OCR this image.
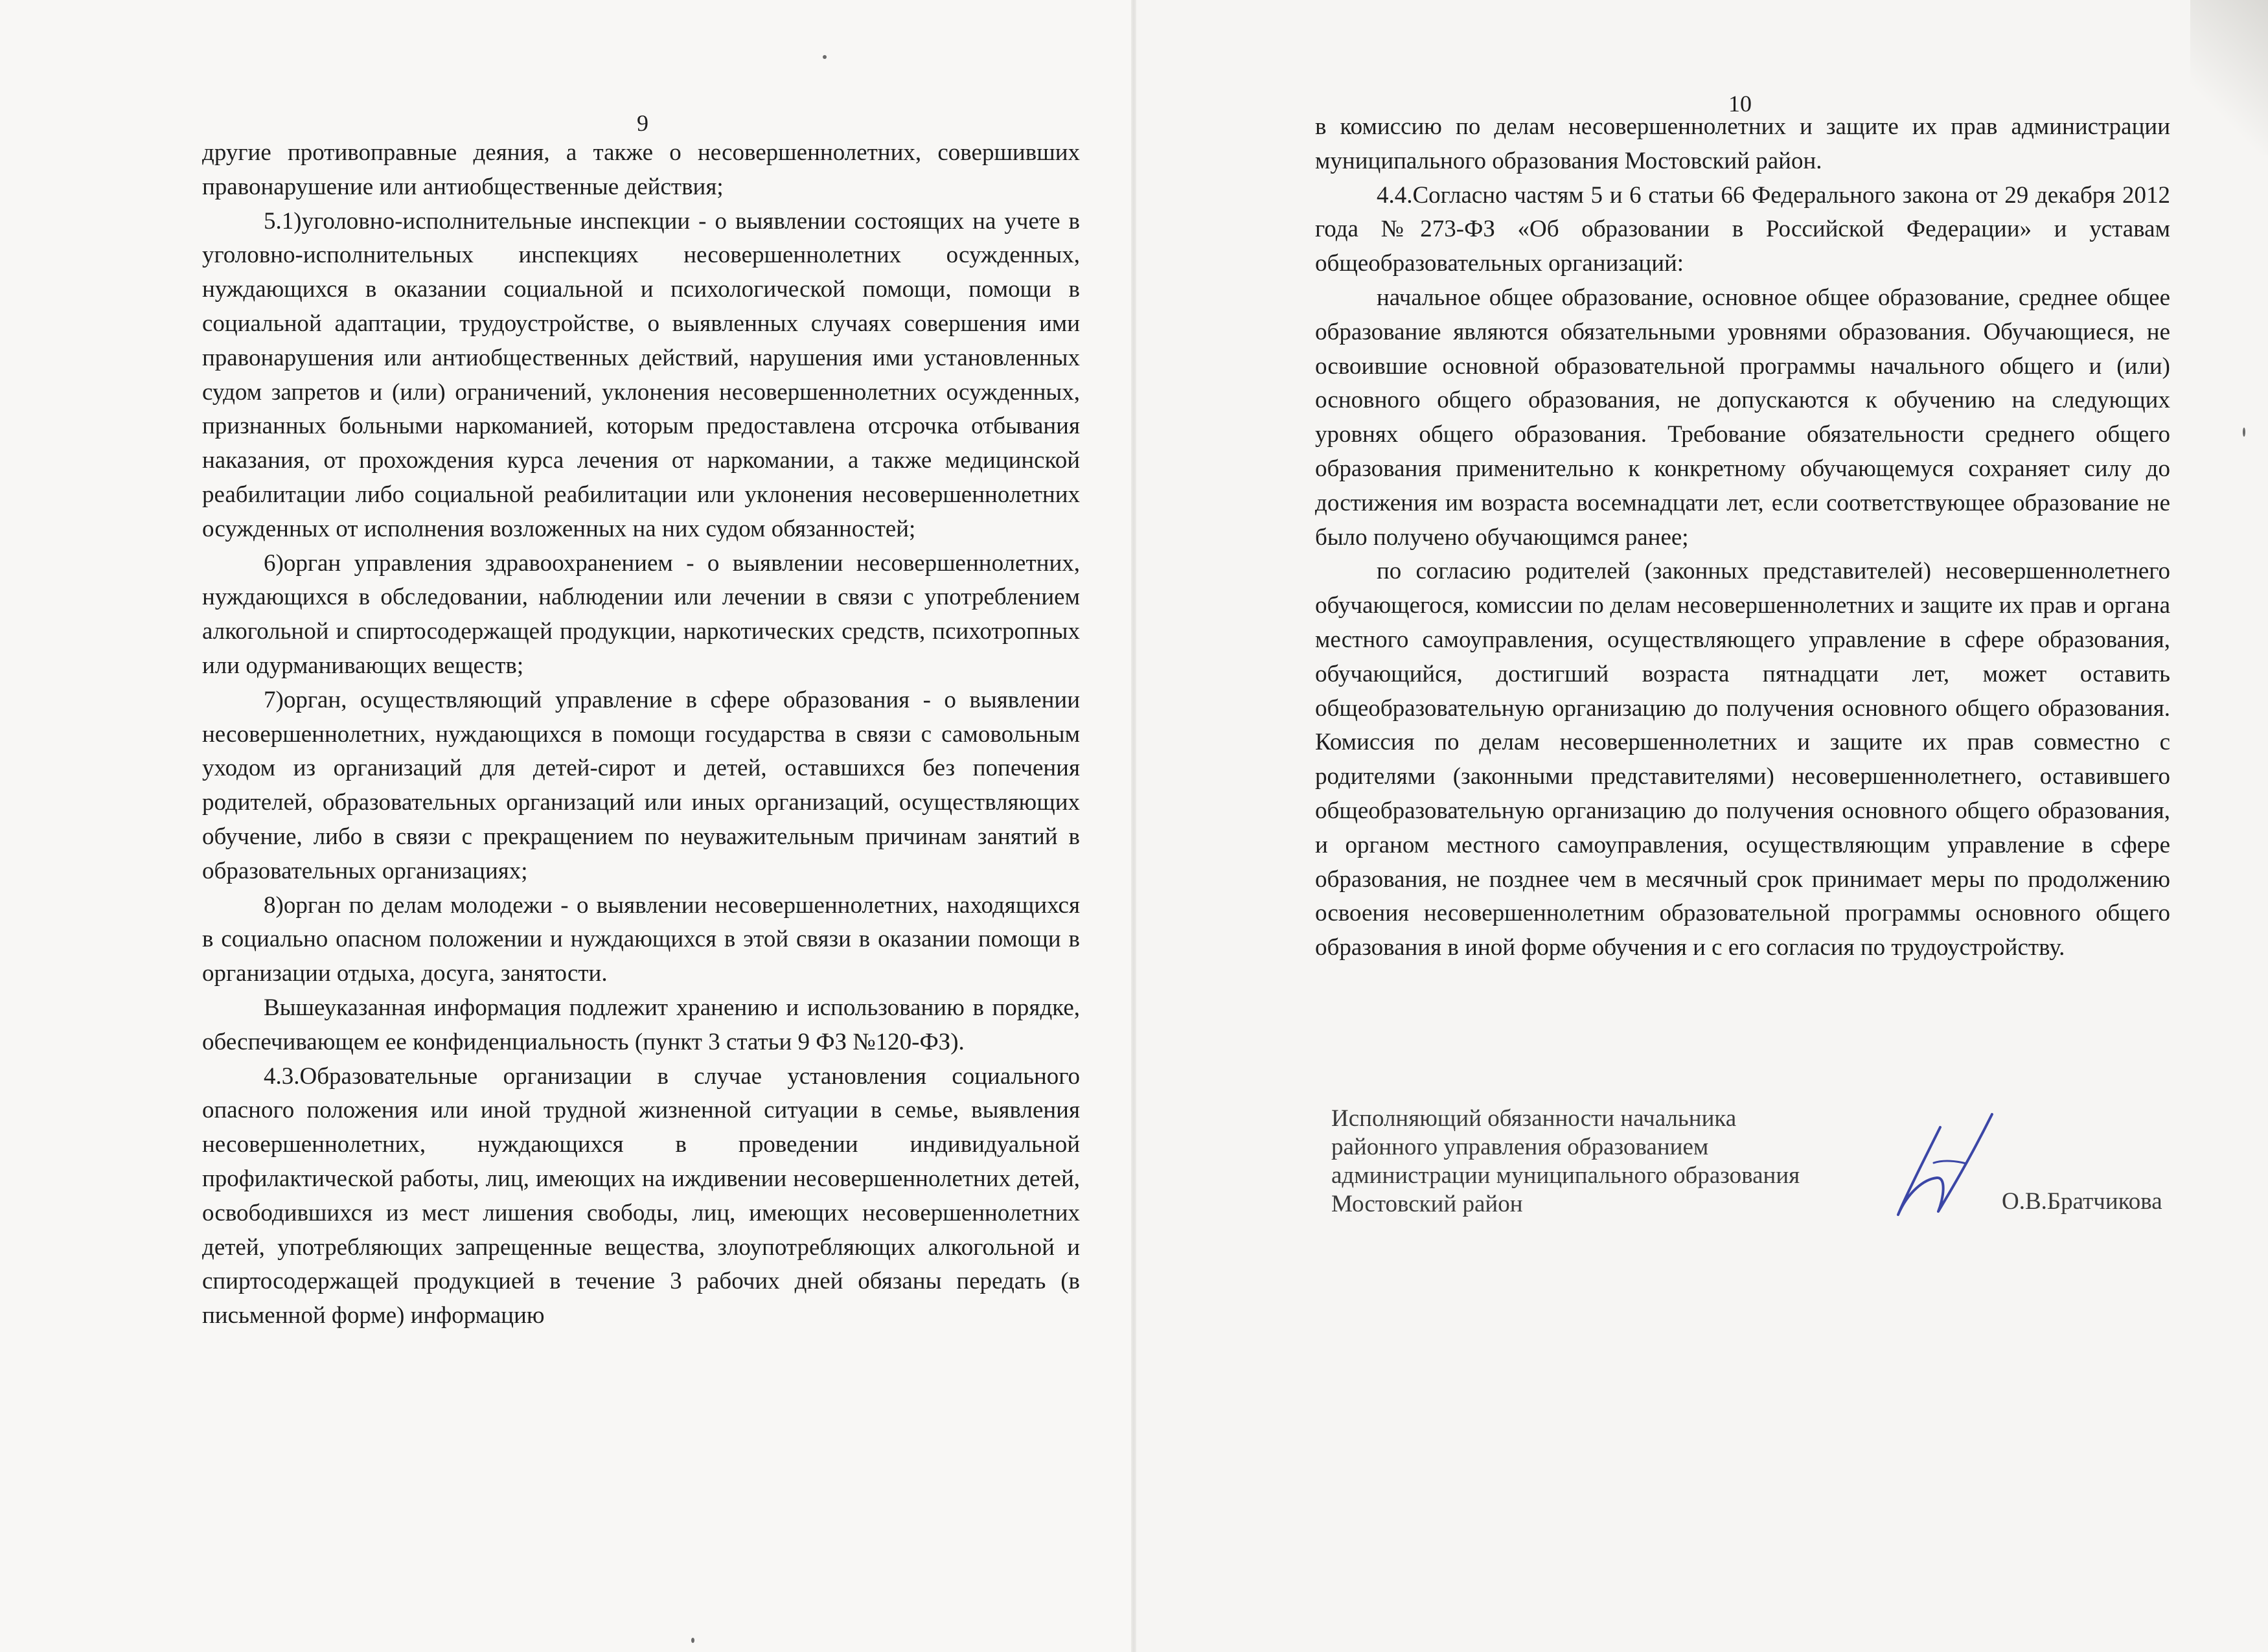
9

другие противоправные деяния, а также о несовершеннолетних, совершивших правонарушение или антиобщественные действия;

5.1)уголовно-исполнительные инспекции - о выявлении состоящих на учете в уголовно-исполнительных инспекциях несовершеннолетних осужденных, нуждающихся в оказании социальной и психологической помощи, помощи в социальной адаптации, трудоустройстве, о выявленных случаях совершения ими правонарушения или антиобщественных действий, нарушения ими установленных судом запретов и (или) ограничений, уклонения несовершеннолетних осужденных, признанных больными наркоманией, которым предоставлена отсрочка отбывания наказания, от прохождения курса лечения от наркомании, а также медицинской реабилитации либо социальной реабилитации или уклонения несовершеннолетних осужденных от исполнения возложенных на них судом обязанностей;

6)орган управления здравоохранением - о выявлении несовершеннолетних, нуждающихся в обследовании, наблюдении или лечении в связи с употреблением алкогольной и спиртосодержащей продукции, наркотических средств, психотропных или одурманивающих веществ;

7)орган, осуществляющий управление в сфере образования - о выявлении несовершеннолетних, нуждающихся в помощи государства в связи с самовольным уходом из организаций для детей-сирот и детей, оставшихся без попечения родителей, образовательных организаций или иных организаций, осуществляющих обучение, либо в связи с прекращением по неуважительным причинам занятий в образовательных организациях;

8)орган по делам молодежи - о выявлении несовершеннолетних, находящихся в социально опасном положении и нуждающихся в этой связи в оказании помощи в организации отдыха, досуга, занятости.

Вышеуказанная информация подлежит хранению и использованию в порядке, обеспечивающем ее конфиденциальность (пункт 3 статьи 9 ФЗ №120-ФЗ).

4.3.Образовательные организации в случае установления социального опасного положения или иной трудной жизненной ситуации в семье, выявления несовершеннолетних, нуждающихся в проведении индивидуальной профилактической работы, лиц, имеющих на иждивении несовершеннолетних детей, освободившихся из мест лишения свободы, лиц, имеющих несовершеннолетних детей, употребляющих запрещенные вещества, злоупотребляющих алкогольной и спиртосодержащей продукцией в течение 3 рабочих дней обязаны передать (в письменной форме) информацию

10

в комиссию по делам несовершеннолетних и защите их прав администрации муниципального образования Мостовский район.

4.4.Согласно частям 5 и 6 статьи 66 Федерального закона от 29 декабря 2012 года №273-ФЗ «Об образовании в Российской Федерации» и уставам общеобразовательных организаций:

начальное общее образование, основное общее образование, среднее общее образование являются обязательными уровнями образования. Обучающиеся, не освоившие основной образовательной программы начального общего и (или) основного общего образования, не допускаются к обучению на следующих уровнях общего образования. Требование обязательности среднего общего образования применительно к конкретному обучающемуся сохраняет силу до достижения им возраста восемнадцати лет, если соответствующее образование не было получено обучающимся ранее;

по согласию родителей (законных представителей) несовершеннолетнего обучающегося, комиссии по делам несовершеннолетних и защите их прав и органа местного самоуправления, осуществляющего управление в сфере образования, обучающийся, достигший возраста пятнадцати лет, может оставить общеобразовательную организацию до получения основного общего образования. Комиссия по делам несовершеннолетних и защите их прав совместно с родителями (законными представителями) несовершеннолетнего, оставившего общеобразовательную организацию до получения основного общего образования, и органом местного самоуправления, осуществляющим управление в сфере образования, не позднее чем в месячный срок принимает меры по продолжению освоения несовершеннолетним образовательной программы основного общего образования в иной форме обучения и с его согласия по трудоустройству.

Исполняющий обязанности начальника
районного управления образованием
администрации муниципального образования
Мостовский район	О.В.Братчикова
